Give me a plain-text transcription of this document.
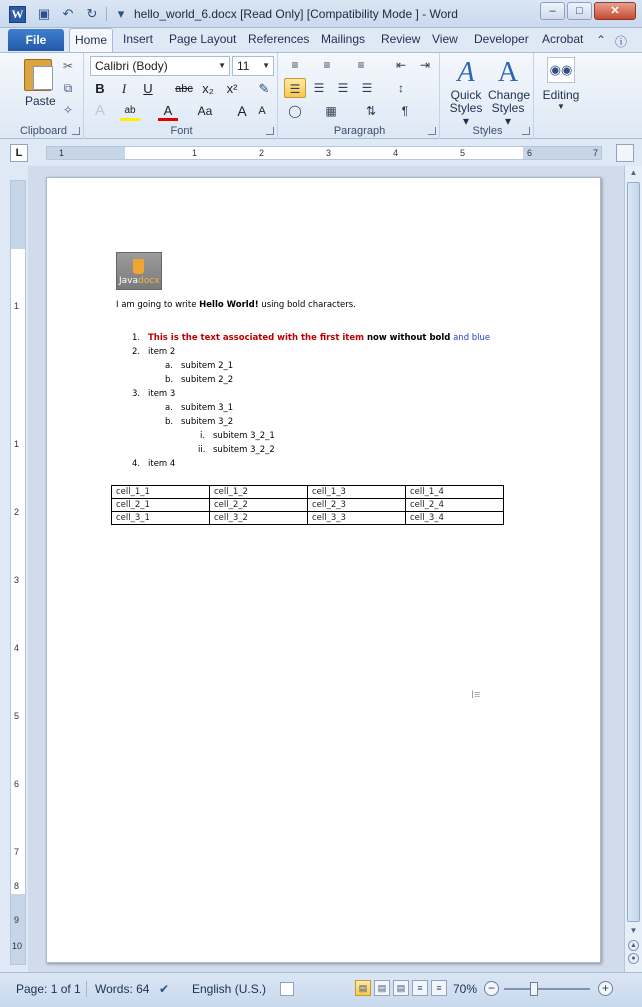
W ▣ ↶	↻	▾ hello_world_6.docx [Read Only] [Compatibility Mode ] - Word	–	□	✕
File	Home	Insert Page Layout References Mailings Review View Developer Acrobat ⌃ ⓘ
Paste
✂
⧉
✧
Clipboard
Calibri (Body)	▼ 11 ▼
B	I	U	abc x₂ x²	✎
A	ab	A	Aa	A	A
Font
≡	≡	≡	⇤	⇥
☰	☰	☰	☰	↕
◯	▦	⇅	¶
Paragraph
A
Quick
Styles ▾
A
Change
Styles ▾
Styles
◉◉
Editing
▼
L	1	1	2	3	4	5	6	7
1
1
2
3
4
5
6
7
8
9
10
Javadocx
I am going to write Hello World! using bold characters.
1. This is the text associated with the first item now without bold and blue
2. item 2
a. subitem 2_1
b. subitem 2_2
3. item 3
a. subitem 3_1
b. subitem 3_2
i. subitem 3_2_1
ii. subitem 3_2_2
4. item 4
cell_1_1	cell_1_2	cell_1_3	cell_1_4
cell_2_1	cell_2_2	cell_2_3	cell_2_4
cell_3_1	cell_3_2	cell_3_3	cell_3_4
I≡
▲
▼
▲
●
Page: 1 of 1 Words: 64 ✔ English (U.S.)	▤	▤	▤	≡	≡ 70% −	+
